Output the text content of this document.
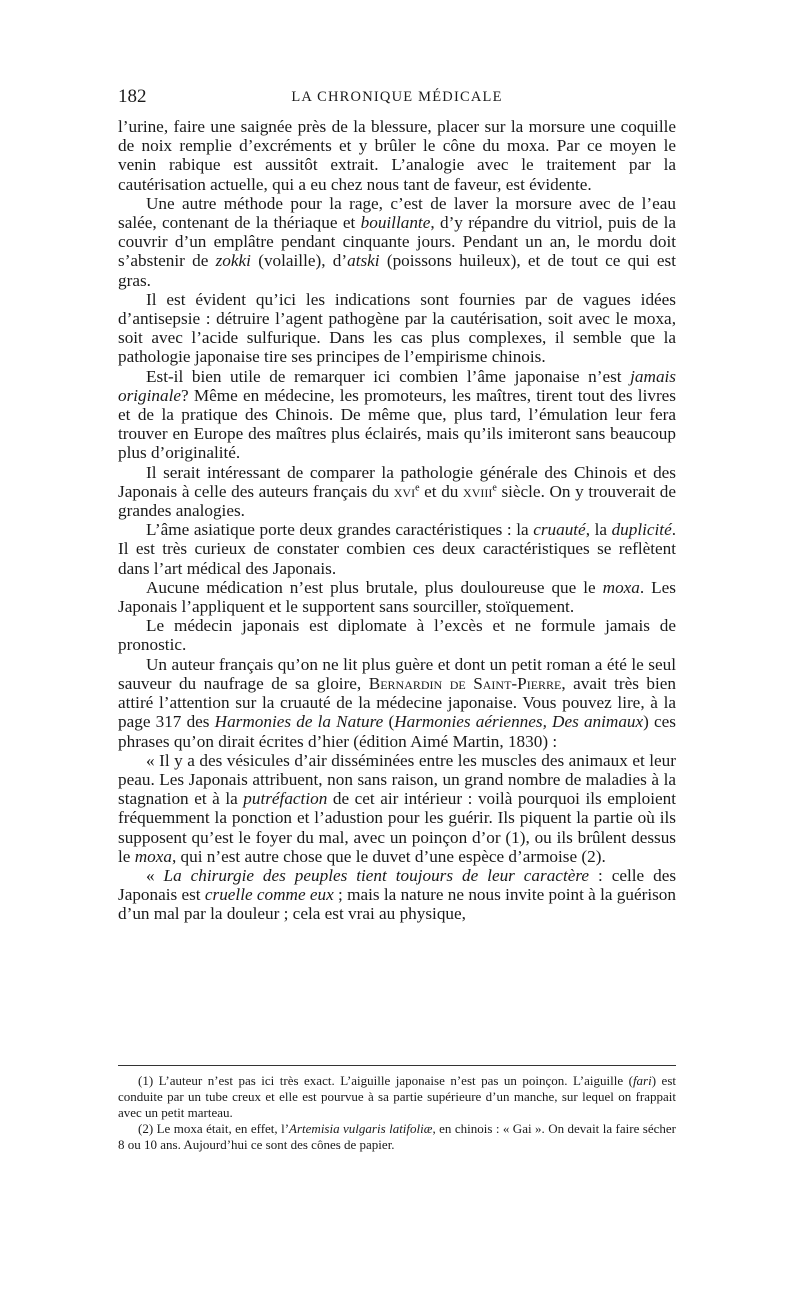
182	LA CHRONIQUE MÉDICALE

l’urine, faire une saignée près de la blessure, placer sur la morsure une coquille de noix remplie d’excréments et y brûler le cône du moxa. Par ce moyen le venin rabique est aussitôt extrait. L’analogie avec le traitement par la cautérisation actuelle, qui a eu chez nous tant de faveur, est évidente.

Une autre méthode pour la rage, c’est de laver la morsure avec de l’eau salée, contenant de la thériaque et bouillante, d’y répandre du vitriol, puis de la couvrir d’un emplâtre pendant cinquante jours. Pendant un an, le mordu doit s’abstenir de zokki (volaille), d’atski (poissons huileux), et de tout ce qui est gras.

Il est évident qu’ici les indications sont fournies par de vagues idées d’antisepsie : détruire l’agent pathogène par la cautérisation, soit avec le moxa, soit avec l’acide sulfurique. Dans les cas plus complexes, il semble que la pathologie japonaise tire ses principes de l’empirisme chinois.

Est-il bien utile de remarquer ici combien l’âme japonaise n’est jamais originale? Même en médecine, les promoteurs, les maîtres, tirent tout des livres et de la pratique des Chinois. De même que, plus tard, l’émulation leur fera trouver en Europe des maîtres plus éclairés, mais qu’ils imiteront sans beaucoup plus d’originalité.

Il serait intéressant de comparer la pathologie générale des Chinois et des Japonais à celle des auteurs français du xvi$^e$ et du xviii$^e$ siècle. On y trouverait de grandes analogies.

L’âme asiatique porte deux grandes caractéristiques : la cruauté, la duplicité. Il est très curieux de constater combien ces deux caractéristiques se reflètent dans l’art médical des Japonais.

Aucune médication n’est plus brutale, plus douloureuse que le moxa. Les Japonais l’appliquent et le supportent sans sourciller, stoïquement.

Le médecin japonais est diplomate à l’excès et ne formule jamais de pronostic.

Un auteur français qu’on ne lit plus guère et dont un petit roman a été le seul sauveur du naufrage de sa gloire, Bernardin de Saint-Pierre, avait très bien attiré l’attention sur la cruauté de la médecine japonaise. Vous pouvez lire, à la page 317 des Harmonies de la Nature (Harmonies aériennes, Des animaux) ces phrases qu’on dirait écrites d’hier (édition Aimé Martin, 1830) :

« Il y a des vésicules d’air disséminées entre les muscles des animaux et leur peau. Les Japonais attribuent, non sans raison, un grand nombre de maladies à la stagnation et à la putréfaction de cet air intérieur : voilà pourquoi ils emploient fréquemment la ponction et l’adustion pour les guérir. Ils piquent la partie où ils supposent qu’est le foyer du mal, avec un poinçon d’or (1), ou ils brûlent dessus le moxa, qui n’est autre chose que le duvet d’une espèce d’armoise (2).

« La chirurgie des peuples tient toujours de leur caractère : celle des Japonais est cruelle comme eux ; mais la nature ne nous invite point à la guérison d’un mal par la douleur ; cela est vrai au physique,

(1) L’auteur n’est pas ici très exact. L’aiguille japonaise n’est pas un poinçon. L’aiguille (fari) est conduite par un tube creux et elle est pourvue à sa partie supérieure d’un manche, sur lequel on frappait avec un petit marteau.

(2) Le moxa était, en effet, l’Artemisia vulgaris latifoliæ, en chinois : « Gai ». On devait la faire sécher 8 ou 10 ans. Aujourd’hui ce sont des cônes de papier.
